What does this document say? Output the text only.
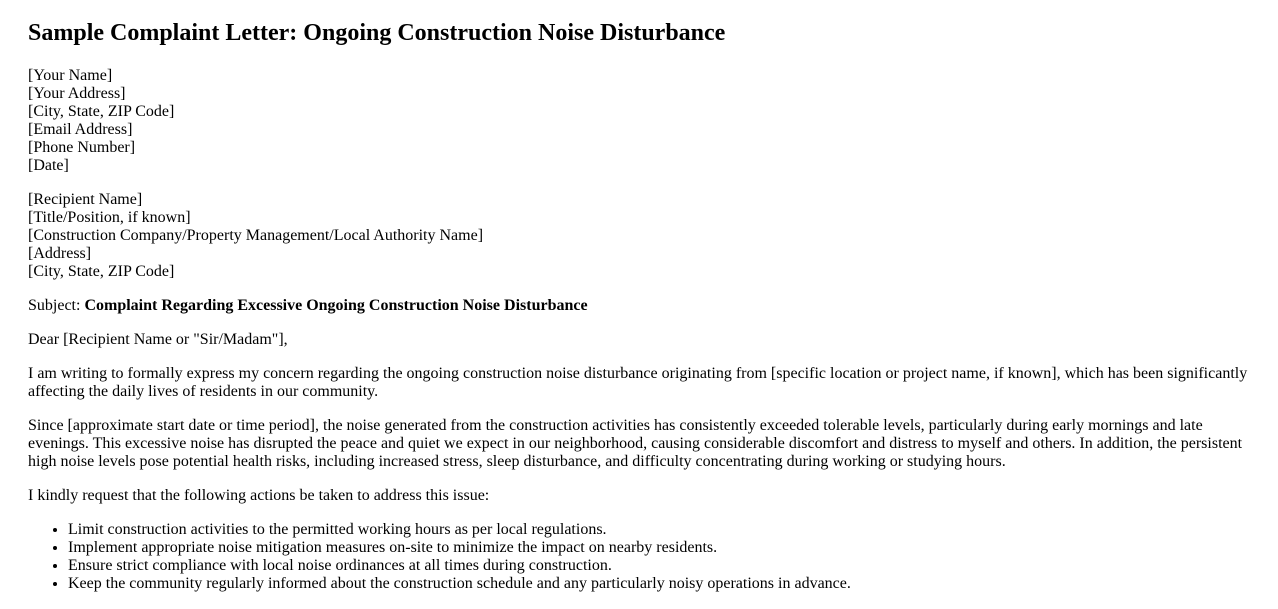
Sample Complaint Letter: Ongoing Construction Noise Disturbance

[Your Name]
[Your Address]
[City, State, ZIP Code]
[Email Address]
[Phone Number]
[Date]

[Recipient Name]
[Title/Position, if known]
[Construction Company/Property Management/Local Authority Name]
[Address]
[City, State, ZIP Code]

Subject: Complaint Regarding Excessive Ongoing Construction Noise Disturbance

Dear [Recipient Name or "Sir/Madam"],

I am writing to formally express my concern regarding the ongoing construction noise disturbance originating from [specific location or project name, if known], which has been significantly affecting the daily lives of residents in our community.

Since [approximate start date or time period], the noise generated from the construction activities has consistently exceeded tolerable levels, particularly during early mornings and late evenings. This excessive noise has disrupted the peace and quiet we expect in our neighborhood, causing considerable discomfort and distress to myself and others. In addition, the persistent high noise levels pose potential health risks, including increased stress, sleep disturbance, and difficulty concentrating during working or studying hours.

I kindly request that the following actions be taken to address this issue:

• Limit construction activities to the permitted working hours as per local regulations.
• Implement appropriate noise mitigation measures on-site to minimize the impact on nearby residents.
• Ensure strict compliance with local noise ordinances at all times during construction.
• Keep the community regularly informed about the construction schedule and any particularly noisy operations in advance.
